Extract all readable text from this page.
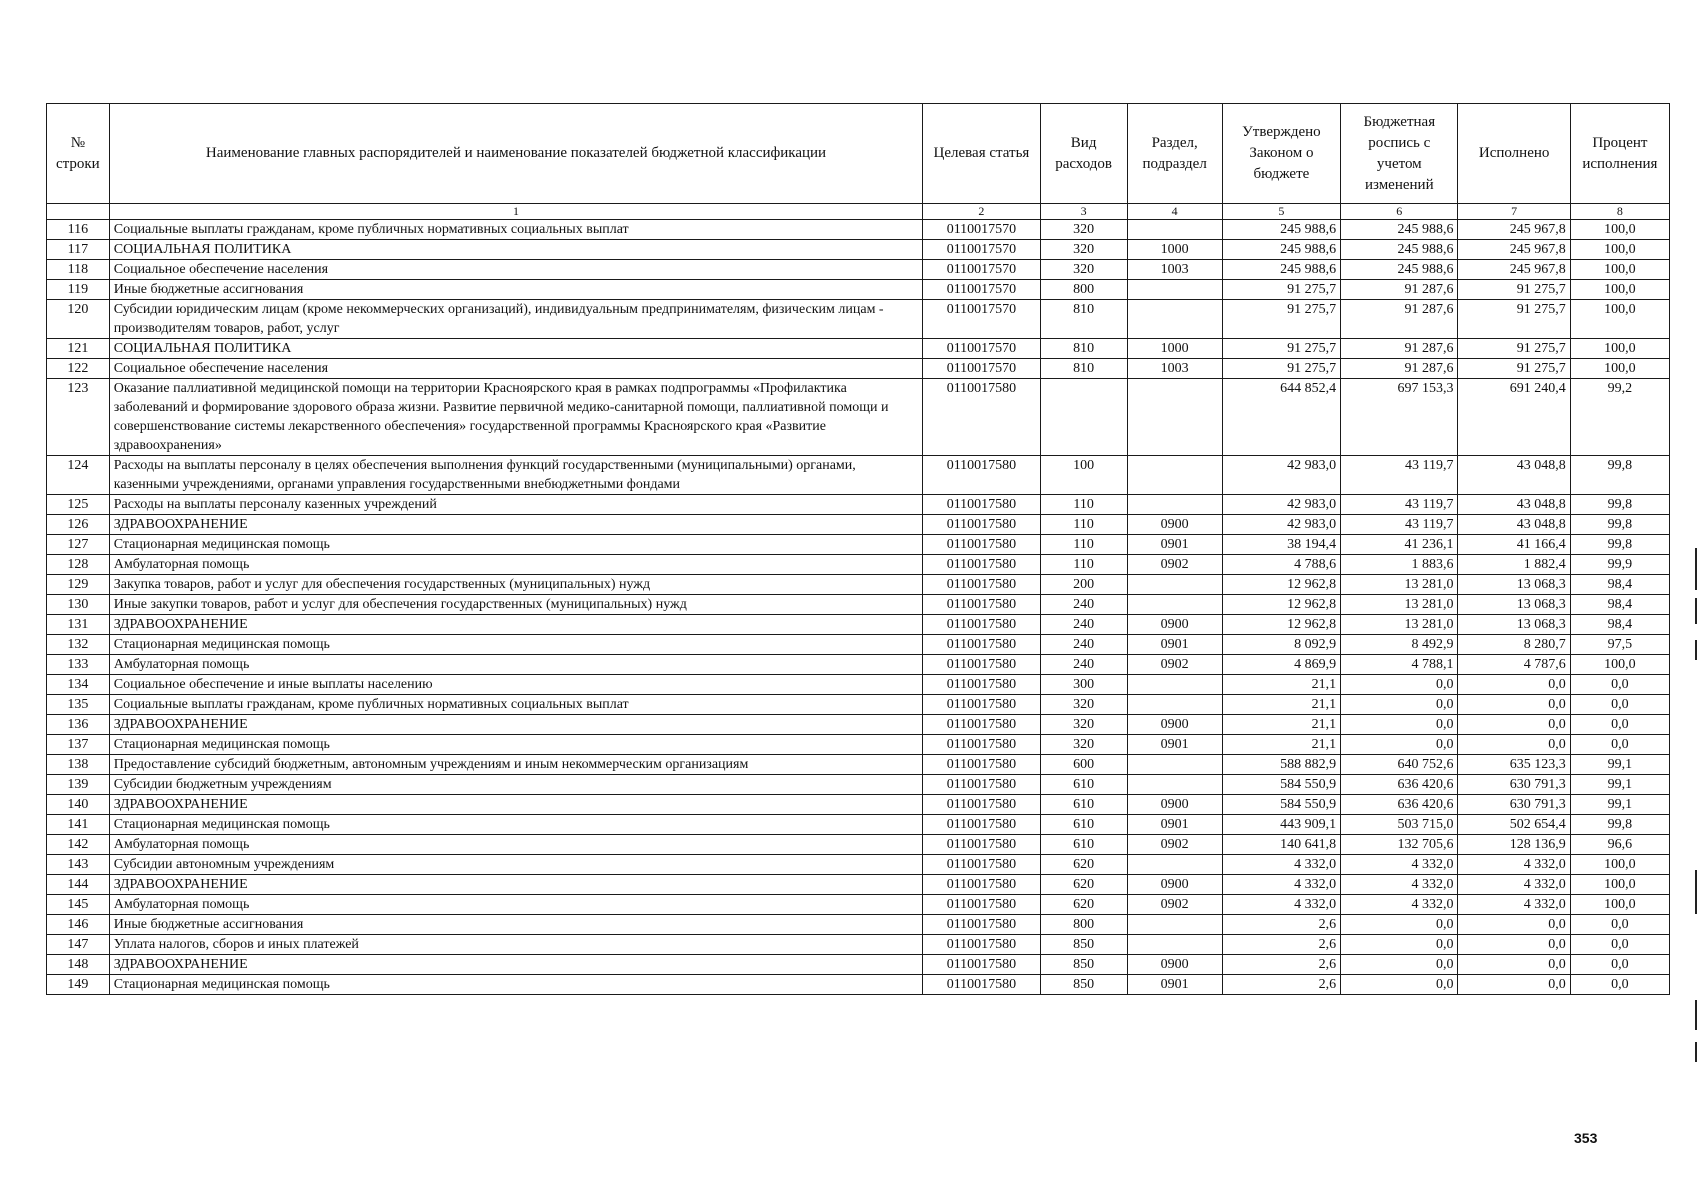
№ строки	Наименование главных распорядителей и наименование показателей бюджетной классификации	Целевая статья	Вид расходов	Раздел, подраздел	Утверждено Законом о бюджете	Бюджетная роспись с учетом изменений	Исполнено	Процент исполнения
	1	2	3	4	5	6	7	8
116	Социальные выплаты гражданам, кроме публичных нормативных социальных выплат	0110017570	320		245 988,6	245 988,6	245 967,8	100,0
117	СОЦИАЛЬНАЯ ПОЛИТИКА	0110017570	320	1000	245 988,6	245 988,6	245 967,8	100,0
118	Социальное обеспечение населения	0110017570	320	1003	245 988,6	245 988,6	245 967,8	100,0
119	Иные бюджетные ассигнования	0110017570	800		91 275,7	91 287,6	91 275,7	100,0
120	Субсидии юридическим лицам (кроме некоммерческих организаций), индивидуальным предпринимателям, физическим лицам - производителям товаров, работ, услуг	0110017570	810		91 275,7	91 287,6	91 275,7	100,0
121	СОЦИАЛЬНАЯ ПОЛИТИКА	0110017570	810	1000	91 275,7	91 287,6	91 275,7	100,0
122	Социальное обеспечение населения	0110017570	810	1003	91 275,7	91 287,6	91 275,7	100,0
123	Оказание паллиативной медицинской помощи на территории Красноярского края в рамках подпрограммы «Профилактика заболеваний и формирование здорового образа жизни. Развитие первичной медико-санитарной помощи, паллиативной помощи и совершенствование системы лекарственного обеспечения» государственной программы Красноярского края «Развитие здравоохранения»	0110017580			644 852,4	697 153,3	691 240,4	99,2
124	Расходы на выплаты персоналу в целях обеспечения выполнения функций государственными (муниципальными) органами, казенными учреждениями, органами управления государственными внебюджетными фондами	0110017580	100		42 983,0	43 119,7	43 048,8	99,8
125	Расходы на выплаты персоналу казенных учреждений	0110017580	110		42 983,0	43 119,7	43 048,8	99,8
126	ЗДРАВООХРАНЕНИЕ	0110017580	110	0900	42 983,0	43 119,7	43 048,8	99,8
127	Стационарная медицинская помощь	0110017580	110	0901	38 194,4	41 236,1	41 166,4	99,8
128	Амбулаторная помощь	0110017580	110	0902	4 788,6	1 883,6	1 882,4	99,9
129	Закупка товаров, работ и услуг для обеспечения государственных (муниципальных) нужд	0110017580	200		12 962,8	13 281,0	13 068,3	98,4
130	Иные закупки товаров, работ и услуг для обеспечения государственных (муниципальных) нужд	0110017580	240		12 962,8	13 281,0	13 068,3	98,4
131	ЗДРАВООХРАНЕНИЕ	0110017580	240	0900	12 962,8	13 281,0	13 068,3	98,4
132	Стационарная медицинская помощь	0110017580	240	0901	8 092,9	8 492,9	8 280,7	97,5
133	Амбулаторная помощь	0110017580	240	0902	4 869,9	4 788,1	4 787,6	100,0
134	Социальное обеспечение и иные выплаты населению	0110017580	300		21,1	0,0	0,0	0,0
135	Социальные выплаты гражданам, кроме публичных нормативных социальных выплат	0110017580	320		21,1	0,0	0,0	0,0
136	ЗДРАВООХРАНЕНИЕ	0110017580	320	0900	21,1	0,0	0,0	0,0
137	Стационарная медицинская помощь	0110017580	320	0901	21,1	0,0	0,0	0,0
138	Предоставление субсидий бюджетным, автономным учреждениям и иным некоммерческим организациям	0110017580	600		588 882,9	640 752,6	635 123,3	99,1
139	Субсидии бюджетным учреждениям	0110017580	610		584 550,9	636 420,6	630 791,3	99,1
140	ЗДРАВООХРАНЕНИЕ	0110017580	610	0900	584 550,9	636 420,6	630 791,3	99,1
141	Стационарная медицинская помощь	0110017580	610	0901	443 909,1	503 715,0	502 654,4	99,8
142	Амбулаторная помощь	0110017580	610	0902	140 641,8	132 705,6	128 136,9	96,6
143	Субсидии автономным учреждениям	0110017580	620		4 332,0	4 332,0	4 332,0	100,0
144	ЗДРАВООХРАНЕНИЕ	0110017580	620	0900	4 332,0	4 332,0	4 332,0	100,0
145	Амбулаторная помощь	0110017580	620	0902	4 332,0	4 332,0	4 332,0	100,0
146	Иные бюджетные ассигнования	0110017580	800		2,6	0,0	0,0	0,0
147	Уплата налогов, сборов и иных платежей	0110017580	850		2,6	0,0	0,0	0,0
148	ЗДРАВООХРАНЕНИЕ	0110017580	850	0900	2,6	0,0	0,0	0,0
149	Стационарная медицинская помощь	0110017580	850	0901	2,6	0,0	0,0	0,0
353
